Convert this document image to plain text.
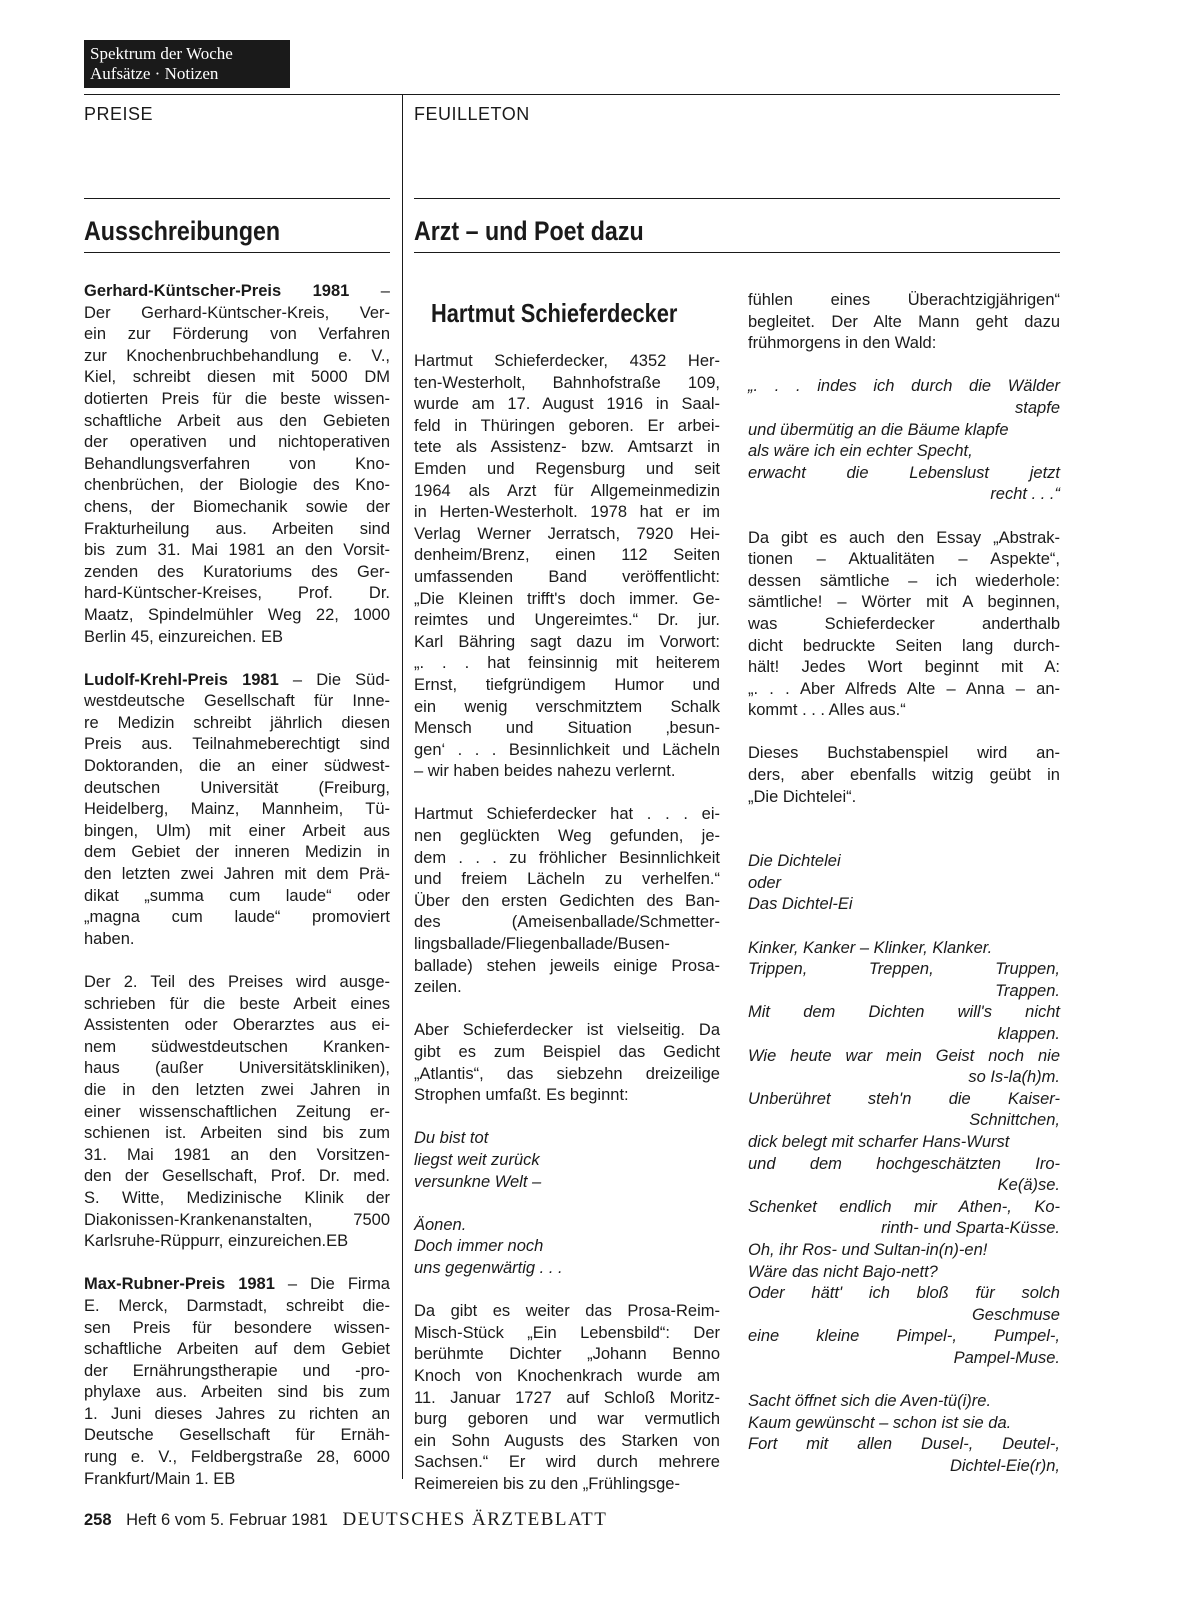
Spektrum der Woche
Aufsätze · Notizen
PREISE	FEUILLETON
Ausschreibungen	Arzt – und Poet dazu
Hartmut Schieferdecker
Gerhard-Küntscher-Preis 1981 –
Der Gerhard-Küntscher-Kreis, Ver-
ein zur Förderung von Verfahren
zur Knochenbruchbehandlung e. V.,
Kiel, schreibt diesen mit 5000 DM
dotierten Preis für die beste wissen-
schaftliche Arbeit aus den Gebieten
der operativen und nichtoperativen
Behandlungsverfahren von Kno-
chenbrüchen, der Biologie des Kno-
chens, der Biomechanik sowie der
Frakturheilung aus. Arbeiten sind
bis zum 31. Mai 1981 an den Vorsit-
zenden des Kuratoriums des Ger-
hard-Küntscher-Kreises, Prof. Dr.
Maatz, Spindelmühler Weg 22, 1000
Berlin 45, einzureichen. EB
Ludolf-Krehl-Preis 1981 – Die Süd-
westdeutsche Gesellschaft für Inne-
re Medizin schreibt jährlich diesen
Preis aus. Teilnahmeberechtigt sind
Doktoranden, die an einer südwest-
deutschen Universität (Freiburg,
Heidelberg, Mainz, Mannheim, Tü-
bingen, Ulm) mit einer Arbeit aus
dem Gebiet der inneren Medizin in
den letzten zwei Jahren mit dem Prä-
dikat „summa cum laude“ oder
„magna cum laude“ promoviert
haben.
Der 2. Teil des Preises wird ausge-
schrieben für die beste Arbeit eines
Assistenten oder Oberarztes aus ei-
nem südwestdeutschen Kranken-
haus (außer Universitätskliniken),
die in den letzten zwei Jahren in
einer wissenschaftlichen Zeitung er-
schienen ist. Arbeiten sind bis zum
31. Mai 1981 an den Vorsitzen-
den der Gesellschaft, Prof. Dr. med.
S. Witte, Medizinische Klinik der
Diakonissen-Krankenanstalten, 7500
Karlsruhe-Rüppurr, einzureichen.EB
Max-Rubner-Preis 1981 – Die Firma
E. Merck, Darmstadt, schreibt die-
sen Preis für besondere wissen-
schaftliche Arbeiten auf dem Gebiet
der Ernährungstherapie und -pro-
phylaxe aus. Arbeiten sind bis zum
1. Juni dieses Jahres zu richten an
Deutsche Gesellschaft für Ernäh-
rung e. V., Feldbergstraße 28, 6000
Frankfurt/Main 1. EB
Hartmut Schieferdecker, 4352 Her-
ten-Westerholt, Bahnhofstraße 109,
wurde am 17. August 1916 in Saal-
feld in Thüringen geboren. Er arbei-
tete als Assistenz- bzw. Amtsarzt in
Emden und Regensburg und seit
1964 als Arzt für Allgemeinmedizin
in Herten-Westerholt. 1978 hat er im
Verlag Werner Jerratsch, 7920 Hei-
denheim/Brenz, einen 112 Seiten
umfassenden Band veröffentlicht:
„Die Kleinen trifft's doch immer. Ge-
reimtes und Ungereimtes.“ Dr. jur.
Karl Bähring sagt dazu im Vorwort:
„. . . hat feinsinnig mit heiterem
Ernst, tiefgründigem Humor und
ein wenig verschmitztem Schalk
Mensch und Situation ‚besun-
gen‘ . . . Besinnlichkeit und Lächeln
– wir haben beides nahezu verlernt.
Hartmut Schieferdecker hat . . . ei-
nen geglückten Weg gefunden, je-
dem . . . zu fröhlicher Besinnlichkeit
und freiem Lächeln zu verhelfen.“
Über den ersten Gedichten des Ban-
des (Ameisenballade/Schmetter-
lingsballade/Fliegenballade/Busen-
ballade) stehen jeweils einige Prosa-
zeilen.
Aber Schieferdecker ist vielseitig. Da
gibt es zum Beispiel das Gedicht
„Atlantis“, das siebzehn dreizeilige
Strophen umfaßt. Es beginnt:
Du bist tot
liegst weit zurück
versunkne Welt –
Äonen.
Doch immer noch
uns gegenwärtig . . .
Da gibt es weiter das Prosa-Reim-
Misch-Stück „Ein Lebensbild“: Der
berühmte Dichter „Johann Benno
Knoch von Knochenkrach wurde am
11. Januar 1727 auf Schloß Moritz-
burg geboren und war vermutlich
ein Sohn Augusts des Starken von
Sachsen.“ Er wird durch mehrere
Reimereien bis zu den „Frühlingsge-
fühlen eines Überachtzigjährigen“
begleitet. Der Alte Mann geht dazu
frühmorgens in den Wald:
„. . . indes ich durch die Wälder
stapfe
und übermütig an die Bäume klapfe
als wäre ich ein echter Specht,
erwacht die Lebenslust jetzt
recht . . .“
Da gibt es auch den Essay „Abstrak-
tionen – Aktualitäten – Aspekte“,
dessen sämtliche – ich wiederhole:
sämtliche! – Wörter mit A beginnen,
was Schieferdecker anderthalb
dicht bedruckte Seiten lang durch-
hält! Jedes Wort beginnt mit A:
„. . . Aber Alfreds Alte – Anna – an-
kommt . . . Alles aus.“
Dieses Buchstabenspiel wird an-
ders, aber ebenfalls witzig geübt in
„Die Dichtelei“.
Die Dichtelei
oder
Das Dichtel-Ei
Kinker, Kanker – Klinker, Klanker.
Trippen, Treppen, Truppen,
Trappen.
Mit dem Dichten will's nicht
klappen.
Wie heute war mein Geist noch nie
so Is-la(h)m.
Unberühret steh'n die Kaiser-
Schnittchen,
dick belegt mit scharfer Hans-Wurst
und dem hochgeschätzten Iro-
Ke(ä)se.
Schenket endlich mir Athen-, Ko-
rinth- und Sparta-Küsse.
Oh, ihr Ros- und Sultan-in(n)-en!
Wäre das nicht Bajo-nett?
Oder hätt' ich bloß für solch
Geschmuse
eine kleine Pimpel-, Pumpel-,
Pampel-Muse.
Sacht öffnet sich die Aven-tü(i)re.
Kaum gewünscht – schon ist sie da.
Fort mit allen Dusel-, Deutel-,
Dichtel-Eie(r)n,
258 Heft 6 vom 5. Februar 1981 DEUTSCHES ÄRZTEBLATT
